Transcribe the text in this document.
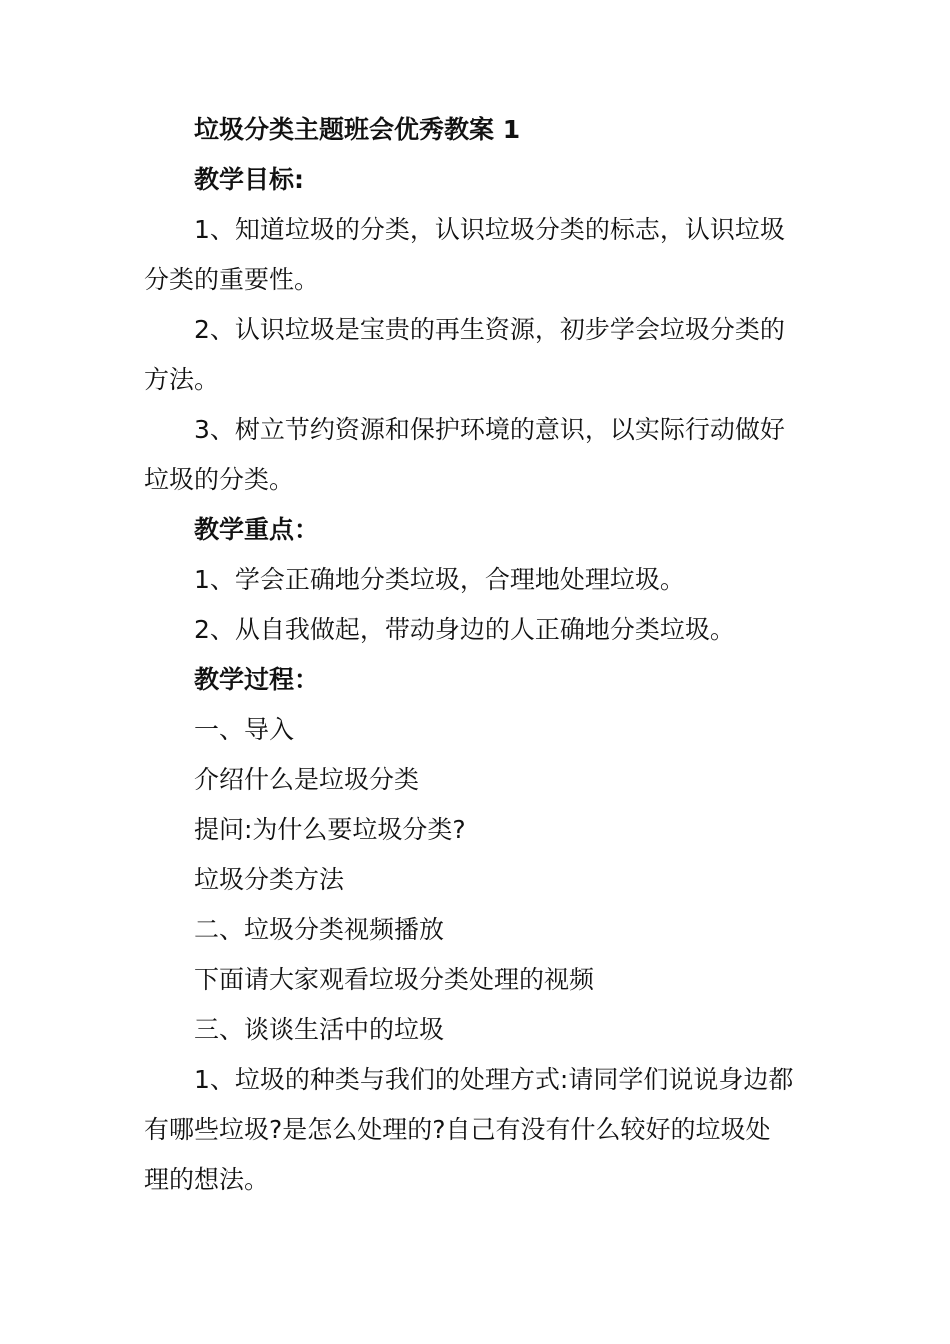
垃圾分类主题班会优秀教案 1

教学目标:

1、知道垃圾的分类，认识垃圾分类的标志，认识垃圾

分类的重要性。

2、认识垃圾是宝贵的再生资源，初步学会垃圾分类的

方法。

3、树立节约资源和保护环境的意识，以实际行动做好

垃圾的分类。

教学重点：

1、学会正确地分类垃圾，合理地处理垃圾。

2、从自我做起，带动身边的人正确地分类垃圾。

教学过程：

一、导入

介绍什么是垃圾分类

提问:为什么要垃圾分类?

垃圾分类方法

二、垃圾分类视频播放

下面请大家观看垃圾分类处理的视频

三、谈谈生活中的垃圾

1、垃圾的种类与我们的处理方式:请同学们说说身边都

有哪些垃圾?是怎么处理的?自己有没有什么较好的垃圾处

理的想法。
